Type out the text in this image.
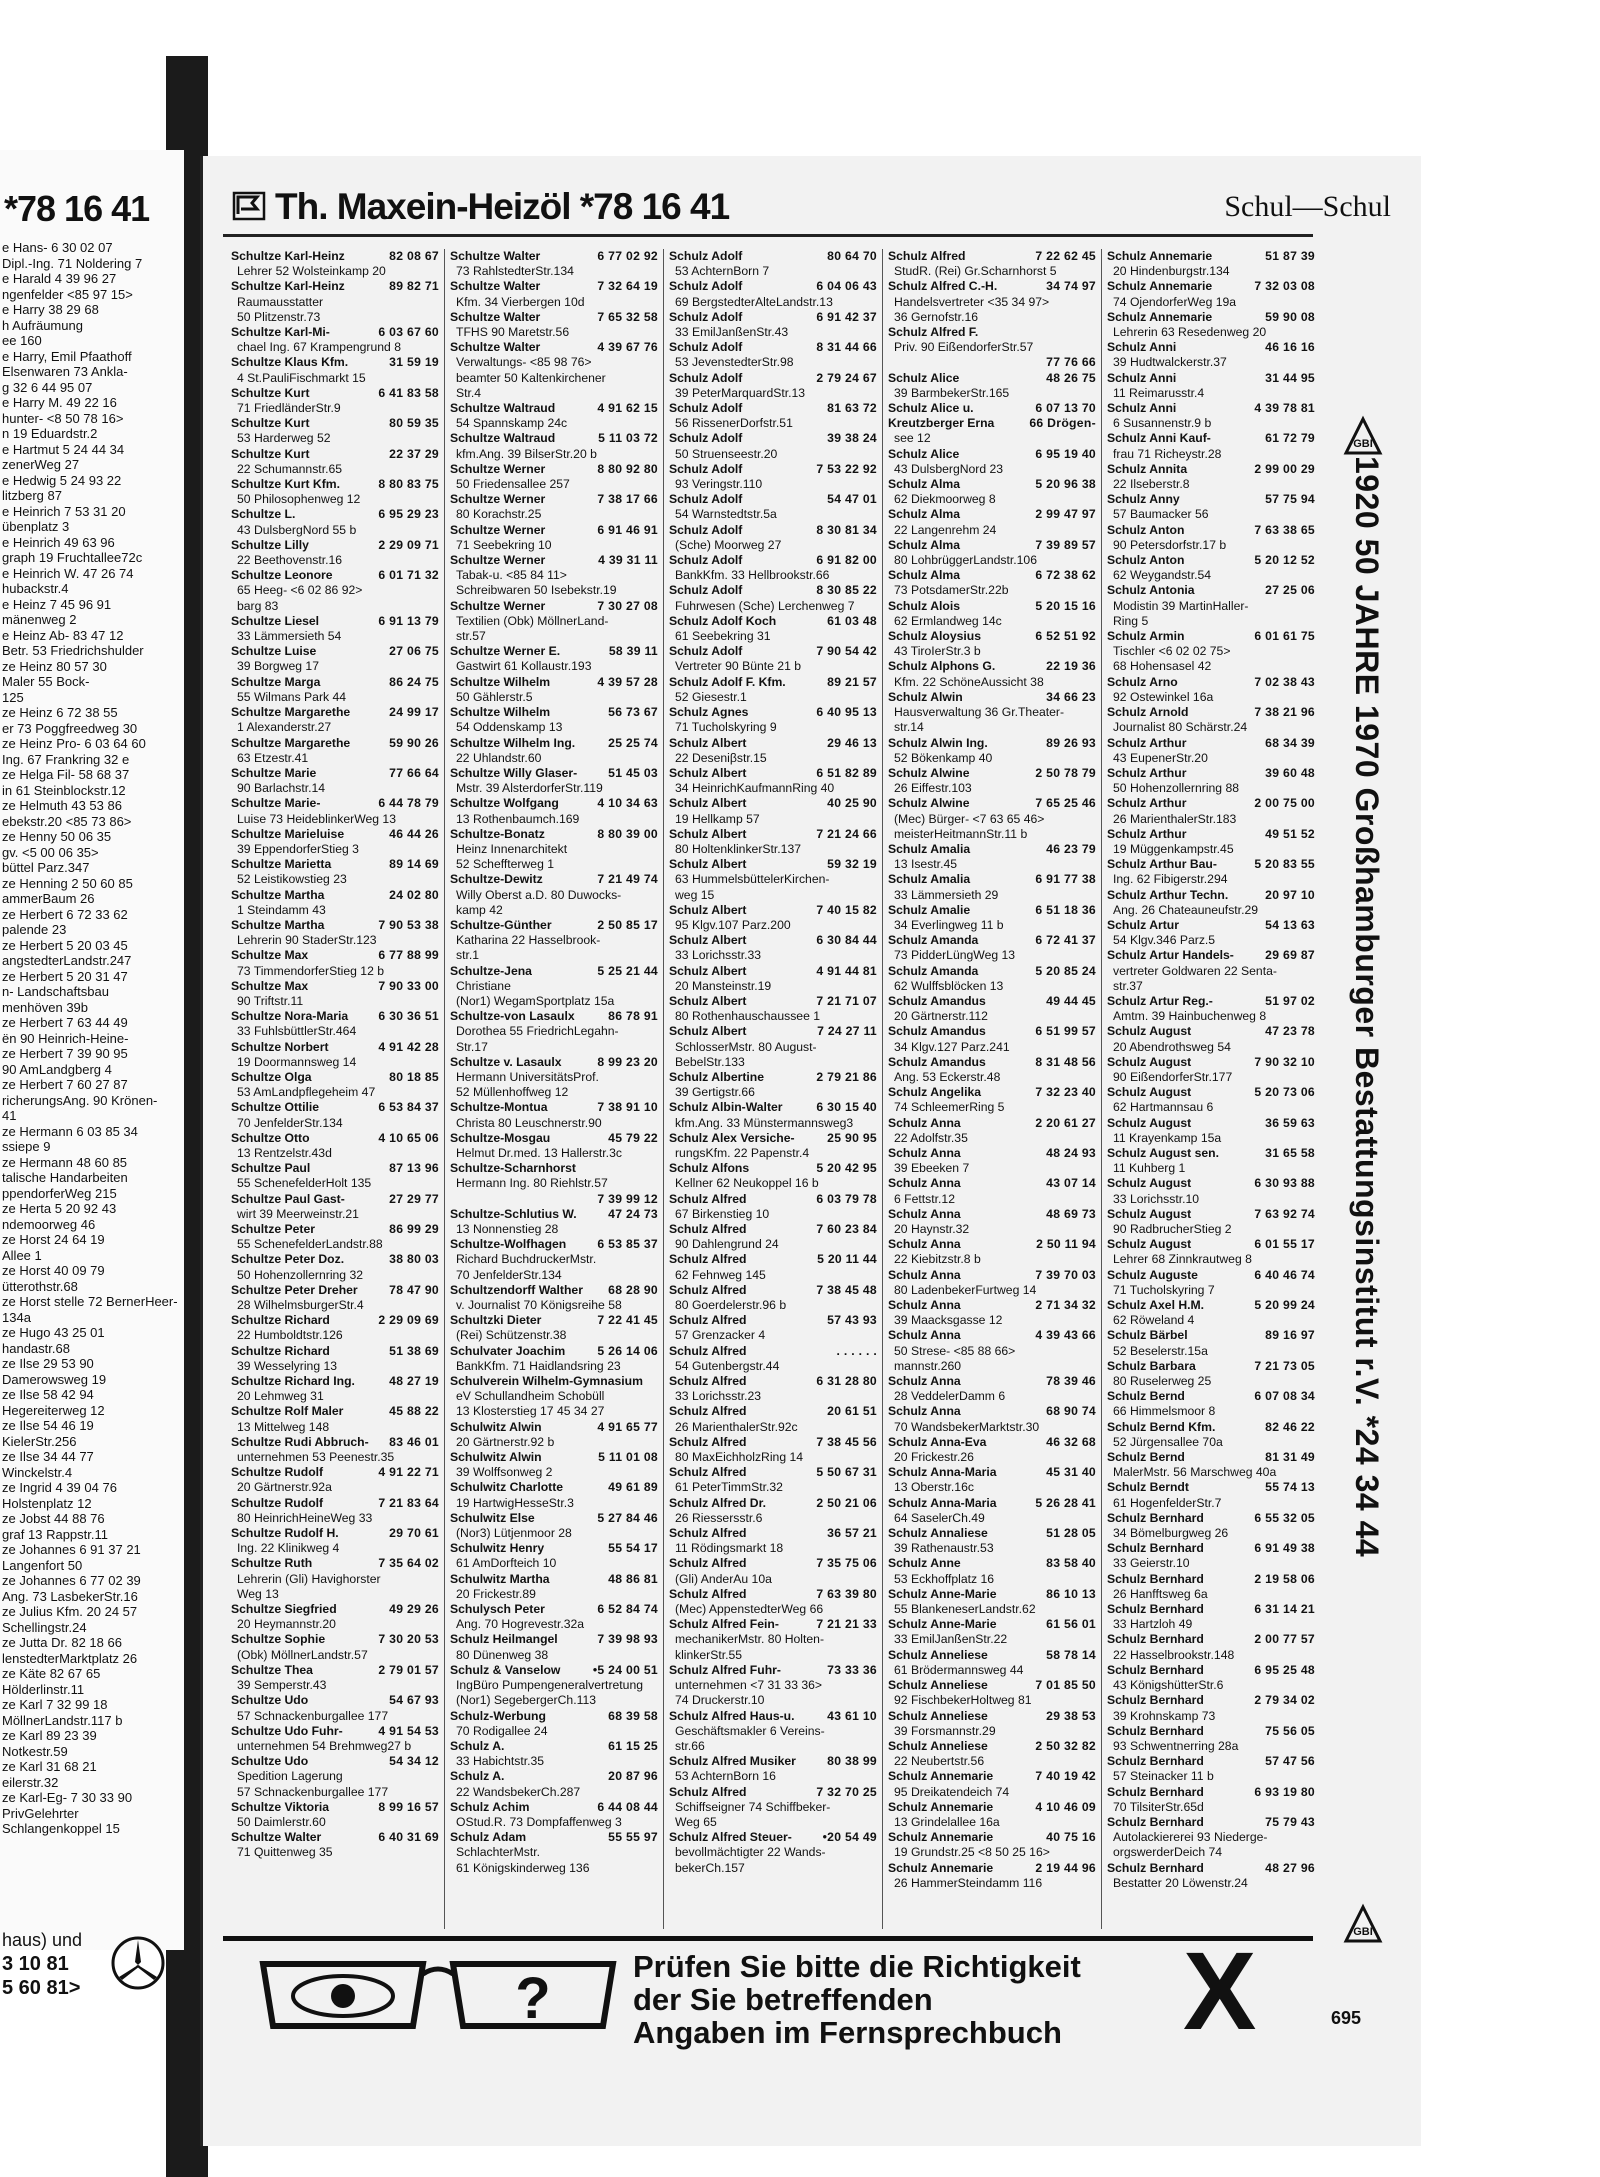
*78 16 41
e Hans- 6 30 02 07
Dipl.-Ing. 71 Noldering 7
e Harald 4 39 96 27
ngenfelder <85 97 15>
e Harry 38 29 68
h Aufräumung
ee 160
e Harry, Emil Pfaathoff
Elsenwaren 73 Ankla-
g 32 6 44 95 07
e Harry M. 49 22 16
hunter- <8 50 78 16>
n 19 Eduardstr.2
e Hartmut 5 24 44 34
zenerWeg 27
e Hedwig 5 24 93 22
litzberg 87
e Heinrich 7 53 31 20
übenplatz 3
e Heinrich 49 63 96
graph 19 Fruchtallee72c
e Heinrich W. 47 26 74
hubackstr.4
e Heinz 7 45 96 91
mänenweg 2
e Heinz Ab- 83 47 12
Betr. 53 Friedrichshulder
ze Heinz 80 57 30
Maler 55 Bock-
125
ze Heinz 6 72 38 55
er 73 Poggfreedweg 30
ze Heinz Pro- 6 03 64 60
Ing. 67 Frankring 32 e
ze Helga Fil- 58 68 37
in 61 Steinblockstr.12
ze Helmuth 43 53 86
ebekstr.20 <85 73 86>
ze Henny 50 06 35
gv. <5 00 06 35>
büttel Parz.347
ze Henning 2 50 60 85
ammerBaum 26
ze Herbert 6 72 33 62
palende 23
ze Herbert 5 20 03 45
angstedterLandstr.247
ze Herbert 5 20 31 47
n- Landschaftsbau
menhöven 39b
ze Herbert 7 63 44 49
ën 90 Heinrich-Heine-
ze Herbert 7 39 90 95
90 AmLandgberg 4
ze Herbert 7 60 27 87
richerungsAng. 90 Krönen-
41
ze Hermann 6 03 85 34
ssiepe 9
ze Hermann 48 60 85
talische Handarbeiten
ppendorferWeg 215
ze Herta 5 20 92 43
ndemoorweg 46
ze Horst 24 64 19
Allee 1
ze Horst 40 09 79
ütterothstr.68
ze Horst stelle 72 BernerHeer-
134a
ze Hugo 43 25 01
handastr.68
ze Ilse 29 53 90
Damerowsweg 19
ze Ilse 58 42 94
Hegereiterweg 12
ze Ilse 54 46 19
KielerStr.256
ze Ilse 34 44 77
Winckelstr.4
ze Ingrid 4 39 04 76
Holstenplatz 12
ze Jobst 44 88 76
graf 13 Rappstr.11
ze Johannes 6 91 37 21
Langenfort 50
ze Johannes 6 77 02 39
Ang. 73 LasbekerStr.16
ze Julius Kfm. 20 24 57
Schellingstr.24
ze Jutta Dr. 82 18 66
lenstedterMarktplatz 26
ze Käte 82 67 65
Hölderlinstr.11
ze Karl 7 32 99 18
MöllnerLandstr.117 b
ze Karl 89 23 39
Notkestr.59
ze Karl 31 68 21
eilerstr.32
ze Karl-Eg- 7 30 33 90
PrivGelehrter
Schlangenkoppel 15
haus) und
3 10 81
5 60 81>
Th. Maxein-Heizöl *78 16 41	Schul—Schul
Schultze Karl-Heinz	82 08 67
Lehrer 52 Wolsteinkamp 20
Schultze Karl-Heinz	89 82 71
Raumausstatter
50 Plitzenstr.73
Schultze Karl-Mi-	6 03 67 60
chael Ing. 67 Krampengrund 8
Schultze Klaus Kfm.	31 59 19
4 St.PauliFischmarkt 15
Schultze Kurt	6 41 83 58
71 FriedländerStr.9
Schultze Kurt	80 59 35
53 Harderweg 52
Schultze Kurt	22 37 29
22 Schumannstr.65
Schultze Kurt Kfm.	8 80 83 75
50 Philosophenweg 12
Schultze L.	6 95 29 23
43 DulsbergNord 55 b
Schultze Lilly	2 29 09 71
22 Beethovenstr.16
Schultze Leonore	6 01 71 32
65 Heeg- <6 02 86 92>
barg 83
Schultze Liesel	6 91 13 79
33 Lämmersieth 54
Schultze Luise	27 06 75
39 Borgweg 17
Schultze Marga	86 24 75
55 Wilmans Park 44
Schultze Margarethe	24 99 17
1 Alexanderstr.27
Schultze Margarethe	59 90 26
63 Etzestr.41
Schultze Marie	77 66 64
90 Barlachstr.14
Schultze Marie-	6 44 78 79
Luise 73 HeideblinkerWeg 13
Schultze Marieluise	46 44 26
39 EppendorferStieg 3
Schultze Marietta	89 14 69
52 Leistikowstieg 23
Schultze Martha	24 02 80
1 Steindamm 43
Schultze Martha	7 90 53 38
Lehrerin 90 StaderStr.123
Schultze Max	6 77 88 99
73 TimmendorferStieg 12 b
Schultze Max	7 90 33 00
90 Triftstr.11
Schultze Nora-Maria 6 30 36 51
33 FuhlsbüttlerStr.464
Schultze Norbert	4 91 42 28
19 Doormannsweg 14
Schultze Olga	80 18 85
53 AmLandpflegeheim 47
Schultze Ottilie	6 53 84 37
70 JenfelderStr.134
Schultze Otto	4 10 65 06
13 Rentzelstr.43d
Schultze Paul	87 13 96
55 SchenefelderHolt 135
Schultze Paul Gast-	27 29 77
wirt 39 Meerweinstr.21
Schultze Peter	86 99 29
55 SchenefelderLandstr.88
Schultze Peter Doz.	38 80 03
50 Hohenzollernring 32
Schultze Peter Dreher	78 47 90
28 WilhelmsburgerStr.4
Schultze Richard	2 29 09 69
22 Humboldtstr.126
Schultze Richard	51 38 69
39 Wesselyring 13
Schultze Richard Ing.	48 27 19
20 Lehmweg 31
Schultze Rolf Maler	45 88 22
13 Mittelweg 148
Schultze Rudi Abbruch- 83 46 01
unternehmen 53 Peenestr.35
Schultze Rudolf	4 91 22 71
20 Gärtnerstr.92a
Schultze Rudolf	7 21 83 64
80 HeinrichHeineWeg 33
Schultze Rudolf H.	29 70 61
Ing. 22 Klinikweg 4
Schultze Ruth	7 35 64 02
Lehrerin (Gli) Havighorster
Weg 13
Schultze Siegfried	49 29 26
20 Heymannstr.20
Schultze Sophie	7 30 20 53
(Obk) MöllnerLandstr.57
Schultze Thea	2 79 01 57
39 Semperstr.43
Schultze Udo	54 67 93
57 Schnackenburgallee 177
Schultze Udo Fuhr-	4 91 54 53
unternehmen 54 Brehmweg27 b
Schultze Udo	54 34 12
Spedition Lagerung
57 Schnackenburgallee 177
Schultze Viktoria	8 99 16 57
50 Daimlerstr.60
Schultze Walter	6 40 31 69
71 Quittenweg 35
Schultze Walter	6 77 02 92
73 RahlstedterStr.134
Schultze Walter	7 32 64 19
Kfm. 34 Vierbergen 10d
Schultze Walter	7 65 32 58
TFHS 90 Maretstr.56
Schultze Walter	4 39 67 76
Verwaltungs- <85 98 76>
beamter 50 Kaltenkirchener
Str.4
Schultze Waltraud	4 91 62 15
54 Spannskamp 24c
Schultze Waltraud	5 11 03 72
kfm.Ang. 39 BilserStr.20 b
Schultze Werner	8 80 92 80
50 Friedensallee 257
Schultze Werner	7 38 17 66
80 Korachstr.25
Schultze Werner	6 91 46 91
71 Seebekring 10
Schultze Werner	4 39 31 11
Tabak-u. <85 84 11>
Schreibwaren 50 Isebekstr.19
Schultze Werner	7 30 27 08
Textilien (Obk) MöllnerLand-
str.57
Schultze Werner E.	58 39 11
Gastwirt 61 Kollaustr.193
Schultze Wilhelm	4 39 57 28
50 Gählerstr.5
Schultze Wilhelm	56 73 67
54 Oddenskamp 13
Schultze Wilhelm Ing.	25 25 74
22 Uhlandstr.60
Schultze Willy Glaser-	51 45 03
Mstr. 39 AlsterdorferStr.119
Schultze Wolfgang	4 10 34 63
13 Rothenbaumch.169
Schultze-Bonatz	8 80 39 00
Heinz Innenarchitekt
52 Scheffterweg 1
Schultze-Dewitz	7 21 49 74
Willy Oberst a.D. 80 Duwocks-
kamp 42
Schultze-Günther	2 50 85 17
Katharina 22 Hasselbrook-
str.1
Schultze-Jena	5 25 21 44
Christiane
(Nor1) WegamSportplatz 15a
Schultze-von Lasaulx	86 78 91
Dorothea 55 FriedrichLegahn-
Str.17
Schultze v. Lasaulx	8 99 23 20
Hermann UniversitätsProf.
52 Müllenhoffweg 12
Schultze-Montua	7 38 91 10
Christa 80 Leuschnerstr.90
Schultze-Mosgau	45 79 22
Helmut Dr.med. 13 Hallerstr.3c
Schultze-Scharnhorst
Hermann Ing. 80 Riehlstr.57
7 39 99 12
Schultze-Schlutius W.	47 24 73
13 Nonnenstieg 28
Schultze-Wolfhagen	6 53 85 37
Richard BuchdruckerMstr.
70 JenfelderStr.134
Schultzendorff Walther 68 28 90
v. Journalist 70 Königsreihe 58
Schultzki Dieter	7 22 41 45
(Rei) Schützenstr.38
Schulvater Joachim	5 26 14 06
BankKfm. 71 Haidlandsring 23
Schulverein Wilhelm-Gymnasium
eV Schullandheim Schobüll
13 Klosterstieg 17 45 34 27
Schulwitz Alwin	4 91 65 77
20 Gärtnerstr.92 b
Schulwitz Alwin	5 11 01 08
39 Wolffsonweg 2
Schulwitz Charlotte	49 61 89
19 HartwigHesseStr.3
Schulwitz Else	5 27 84 46
(Nor3) Lütjenmoor 28
Schulwitz Henry	55 54 17
61 AmDorfteich 10
Schulwitz Martha	48 86 81
20 Frickestr.89
Schulysch Peter	6 52 84 74
Ang. 70 Hogrevestr.32a
Schulz Heilmangel	7 39 98 93
80 Dünenweg 38
Schulz & Vanselow	•5 24 00 51
IngBüro Pumpengeneralvertretung
(Nor1) SegebergerCh.113
Schulz-Werbung	68 39 58
70 Rodigallee 24
Schulz A.	61 15 25
33 Habichtstr.35
Schulz A.	20 87 96
22 WandsbekerCh.287
Schulz Achim	6 44 08 44
OStud.R. 73 Dompfaffenweg 3
Schulz Adam	55 55 97
SchlachterMstr.
61 Königskinderweg 136
Schulz Adolf	80 64 70
53 AchternBorn 7
Schulz Adolf	6 04 06 43
69 BergstedterAlteLandstr.13
Schulz Adolf	6 91 42 37
33 EmilJanßenStr.43
Schulz Adolf	8 31 44 66
53 JevenstedterStr.98
Schulz Adolf	2 79 24 67
39 PeterMarquardStr.13
Schulz Adolf	81 63 72
56 RissenerDorfstr.51
Schulz Adolf	39 38 24
50 Struenseestr.20
Schulz Adolf	7 53 22 92
93 Veringstr.110
Schulz Adolf	54 47 01
54 Warnstedtstr.5a
Schulz Adolf	8 30 81 34
(Sche) Moorweg 27
Schulz Adolf	6 91 82 00
BankKfm. 33 Hellbrookstr.66
Schulz Adolf	8 30 85 22
Fuhrwesen (Sche) Lerchenweg 7
Schulz Adolf Koch	61 03 48
61 Seebekring 31
Schulz Adolf	7 90 54 42
Vertreter 90 Bünte 21 b
Schulz Adolf F. Kfm.	89 21 57
52 Giesestr.1
Schulz Agnes	6 40 95 13
71 Tucholskyring 9
Schulz Albert	29 46 13
22 Deseniβstr.15
Schulz Albert	6 51 82 89
34 HeinrichKaufmannRing 40
Schulz Albert	40 25 90
19 Hellkamp 57
Schulz Albert	7 21 24 66
80 HoltenklinkerStr.137
Schulz Albert	59 32 19
63 HummelsbüttelerKirchen-
weg 15
Schulz Albert	7 40 15 82
95 Klgv.107 Parz.200
Schulz Albert	6 30 84 44
33 Lorichsstr.33
Schulz Albert	4 91 44 81
20 Mansteinstr.19
Schulz Albert	7 21 71 07
80 Rothenhauschaussee 1
Schulz Albert	7 24 27 11
SchlosserMstr. 80 August-
BebelStr.133
Schulz Albertine	2 79 21 86
39 Gertigstr.66
Schulz Albin-Walter	6 30 15 40
kfm.Ang. 33 Münstermannsweg3
Schulz Alex Versiche-	25 90 95
rungsKfm. 22 Papenstr.4
Schulz Alfons	5 20 42 95
Kellner 62 Neukoppel 16 b
Schulz Alfred	6 03 79 78
67 Birkenstieg 10
Schulz Alfred	7 60 23 84
90 Dahlengrund 24
Schulz Alfred	5 20 11 44
62 Fehnweg 145
Schulz Alfred	7 38 45 48
80 Goerdelerstr.96 b
Schulz Alfred	57 43 93
57 Grenzacker 4
Schulz Alfred	. . . . . .
54 Gutenbergstr.44
Schulz Alfred	6 31 28 80
33 Lorichsstr.23
Schulz Alfred	20 61 51
26 MarienthalerStr.92c
Schulz Alfred	7 38 45 56
80 MaxEichholzRing 14
Schulz Alfred	5 50 67 31
61 PeterTimmStr.32
Schulz Alfred Dr.	2 50 21 06
26 Riessersstr.6
Schulz Alfred	36 57 21
11 Rödingsmarkt 18
Schulz Alfred	7 35 75 06
(Gli) AnderAu 10a
Schulz Alfred	7 63 39 80
(Mec) AppenstedterWeg 66
Schulz Alfred Fein-	7 21 21 33
mechanikerMstr. 80 Holten-
klinkerStr.55
Schulz Alfred Fuhr-	73 33 36
unternehmen <7 31 33 36>
74 Druckerstr.10
Schulz Alfred Haus-u.	43 61 10
Geschäftsmakler 6 Vereins-
str.66
Schulz Alfred Musiker	80 38 99
53 AchternBorn 16
Schulz Alfred	7 32 70 25
Schiffseigner 74 Schiffbeker-
Weg 65
Schulz Alfred Steuer-	•20 54 49
bevollmächtigter 22 Wands-
bekerCh.157
Schulz Alfred	7 22 62 45
StudR. (Rei) Gr.Scharnhorst 5
Schulz Alfred C.-H.	34 74 97
Handelsvertreter <35 34 97>
36 Gernofstr.16
Schulz Alfred F.
Priv. 90 EißendorferStr.57
77 76 66
Schulz Alice	48 26 75
39 BarmbekerStr.165
Schulz Alice u.	6 07 13 70
Kreutzberger Erna	66 Drögen-
see 12
Schulz Alice	6 95 19 40
43 DulsbergNord 23
Schulz Alma	5 20 96 38
62 Diekmoorweg 8
Schulz Alma	2 99 47 97
22 Langenrehm 24
Schulz Alma	7 39 89 57
80 LohbrüggerLandstr.106
Schulz Alma	6 72 38 62
73 PotsdamerStr.22b
Schulz Alois	5 20 15 16
62 Ermlandweg 14c
Schulz Aloysius	6 52 51 92
43 TiroIerStr.3 b
Schulz Alphons G.	22 19 36
Kfm. 22 SchöneAussicht 38
Schulz Alwin	34 66 23
Hausverwaltung 36 Gr.Theater-
str.14
Schulz Alwin Ing.	89 26 93
52 Bökenkamp 40
Schulz Alwine	2 50 78 79
26 Eiffestr.103
Schulz Alwine	7 65 25 46
(Mec) Bürger- <7 63 65 46>
meisterHeitmannStr.11 b
Schulz Amalia	46 23 79
13 Isestr.45
Schulz Amalia	6 91 77 38
33 Lämmersieth 29
Schulz Amalie	6 51 18 36
34 Everlingweg 11 b
Schulz Amanda	6 72 41 37
73 PidderLüngWeg 13
Schulz Amanda	5 20 85 24
62 Wulffsblöcken 13
Schulz Amandus	49 44 45
20 Gärtnerstr.112
Schulz Amandus	6 51 99 57
34 Klgv.127 Parz.241
Schulz Amandus	8 31 48 56
Ang. 53 Eckerstr.48
Schulz Angelika	7 32 23 40
74 SchleemerRing 5
Schulz Anna	2 20 61 27
22 Adolfstr.35
Schulz Anna	48 24 93
39 Ebeeken 7
Schulz Anna	43 07 14
6 Fettstr.12
Schulz Anna	48 69 73
20 Haynstr.32
Schulz Anna	2 50 11 94
22 Kiebitzstr.8 b
Schulz Anna	7 39 70 03
80 LadenbekerFurtweg 14
Schulz Anna	2 71 34 32
39 Maacksgasse 12
Schulz Anna	4 39 43 66
50 Strese- <85 88 66>
mannstr.260
Schulz Anna	78 39 46
28 VeddelerDamm 6
Schulz Anna	68 90 74
70 WandsbekerMarktstr.30
Schulz Anna-Eva	46 32 68
20 Frickestr.26
Schulz Anna-Maria	45 31 40
13 Oberstr.16c
Schulz Anna-Maria	5 26 28 41
64 SaselerCh.49
Schulz Annaliese	51 28 05
39 Rathenaustr.53
Schulz Anne	83 58 40
53 Eckhoffplatz 16
Schulz Anne-Marie	86 10 13
55 BlankeneserLandstr.62
Schulz Anne-Marie	61 56 01
33 EmilJanßenStr.22
Schulz Anneliese	58 78 14
61 Brödermannsweg 44
Schulz Anneliese	7 01 85 50
92 FischbekerHoltweg 81
Schulz Anneliese	29 38 53
39 Forsmannstr.29
Schulz Anneliese	2 50 32 82
22 Neubertstr.56
Schulz Annemarie	7 40 19 42
95 Dreikatendeich 74
Schulz Annemarie	4 10 46 09
13 Grindelallee 16a
Schulz Annemarie	40 75 16
19 Grundstr.25 <8 50 25 16>
Schulz Annemarie	2 19 44 96
26 HammerSteindamm 116
Schulz Annemarie	51 87 39
20 Hindenburgstr.134
Schulz Annemarie	7 32 03 08
74 OjendorferWeg 19a
Schulz Annemarie	59 90 08
Lehrerin 63 Resedenweg 20
Schulz Anni	46 16 16
39 Hudtwalckerstr.37
Schulz Anni	31 44 95
11 Reimarusstr.4
Schulz Anni	4 39 78 81
6 Susannenstr.9 b
Schulz Anni Kauf-	61 72 79
frau 71 Richeystr.28
Schulz Annita	2 99 00 29
22 Ilseberstr.8
Schulz Anny	57 75 94
57 Baumacker 56
Schulz Anton	7 63 38 65
90 Petersdorfstr.17 b
Schulz Anton	5 20 12 52
62 Weygandstr.54
Schulz Antonia	27 25 06
Modistin 39 MartinHaller-
Ring 5
Schulz Armin	6 01 61 75
Tischler <6 02 02 75>
68 Hohensasel 42
Schulz Arno	7 02 38 43
92 Ostewinkel 16a
Schulz Arnold	7 38 21 96
Journalist 80 Schärstr.24
Schulz Arthur	68 34 39
43 EupenerStr.20
Schulz Arthur	39 60 48
50 Hohenzollernring 88
Schulz Arthur	2 00 75 00
26 MarienthalerStr.183
Schulz Arthur	49 51 52
19 Müggenkampstr.45
Schulz Arthur Bau-	5 20 83 55
Ing. 62 Fibigerstr.294
Schulz Arthur Techn.	20 97 10
Ang. 26 Chateauneufstr.29
Schulz Artur	54 13 63
54 Klgv.346 Parz.5
Schulz Artur Handels-	29 69 87
vertreter Goldwaren 22 Senta-
str.37
Schulz Artur Reg.-	51 97 02
Amtm. 39 Hainbuchenweg 8
Schulz August	47 23 78
20 Abendrothsweg 54
Schulz August	7 90 32 10
90 EißendorferStr.177
Schulz August	5 20 73 06
62 Hartmannsau 6
Schulz August	36 59 63
11 Krayenkamp 15a
Schulz August sen.	31 65 58
11 Kuhberg 1
Schulz August	6 30 93 88
33 Lorichsstr.10
Schulz August	7 63 92 74
90 RadbrucherStieg 2
Schulz August	6 01 55 17
Lehrer 68 Zinnkrautweg 8
Schulz Auguste	6 40 46 74
71 Tucholskyring 7
Schulz Axel H.M.	5 20 99 24
62 Röweland 4
Schulz Bärbel	89 16 97
52 Beselerstr.15a
Schulz Barbara	7 21 73 05
80 Ruselerweg 25
Schulz Bernd	6 07 08 34
66 Himmelsmoor 8
Schulz Bernd Kfm.	82 46 22
52 Jürgensallee 70a
Schulz Bernd	81 31 49
MalerMstr. 56 Marschweg 40a
Schulz Berndt	55 74 13
61 HogenfelderStr.7
Schulz Bernhard	6 55 32 05
34 Bömelburgweg 26
Schulz Bernhard	6 91 49 38
33 Geierstr.10
Schulz Bernhard	2 19 58 06
26 Hanfftsweg 6a
Schulz Bernhard	6 31 14 21
33 Hartzloh 49
Schulz Bernhard	2 00 77 57
22 Hasselbrookstr.148
Schulz Bernhard	6 95 25 48
43 KönigshütterStr.6
Schulz Bernhard	2 79 34 02
39 Krohnskamp 73
Schulz Bernhard	75 56 05
93 Schwentnerring 28a
Schulz Bernhard	57 47 56
57 Steinacker 11 b
Schulz Bernhard	6 93 19 80
70 TilsiterStr.65d
Schulz Bernhard	75 79 43
Autolackiererei 93 Niederge-
orgswerderDeich 74
Schulz Bernhard	48 27 96
Bestatter 20 Löwenstr.24
GBI
1920 50 JAHRE 1970 Großhamburger Bestattungsinstitut r.V. *24 34 44
GBI
?	Prüfen Sie bitte die Richtigkeit
der Sie betreffenden
Angaben im Fernsprechbuch X	695
